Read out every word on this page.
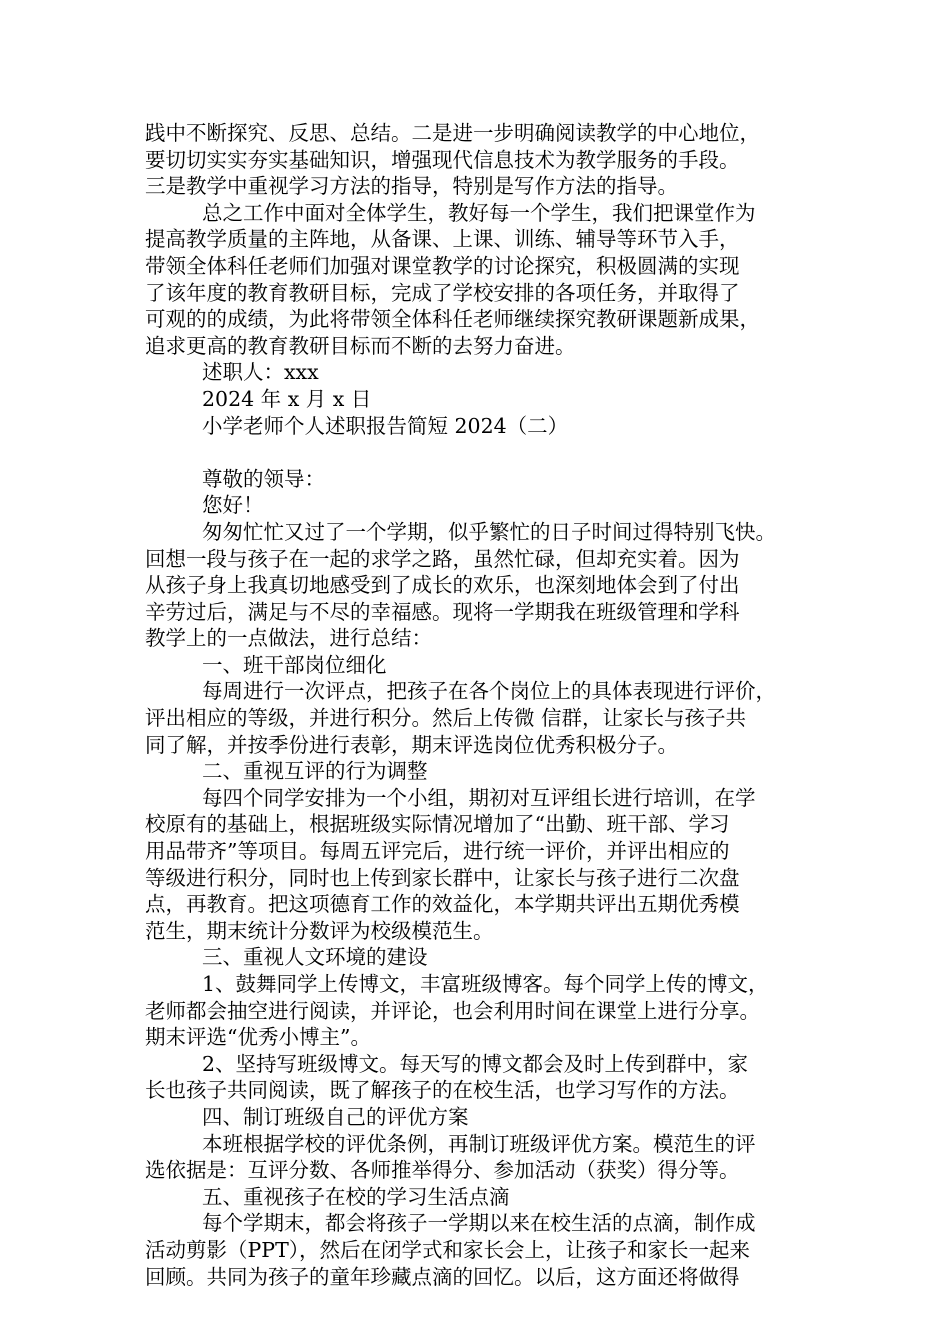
践中不断探究、反思、总结。二是进一步明确阅读教学的中心地位，
要切切实实夯实基础知识，增强现代信息技术为教学服务的手段。
三是教学中重视学习方法的指导，特别是写作方法的指导。
总之工作中面对全体学生，教好每一个学生，我们把课堂作为
提高教学质量的主阵地，从备课、上课、训练、辅导等环节入手，
带领全体科任老师们加强对课堂教学的讨论探究，积极圆满的实现
了该年度的教育教研目标，完成了学校安排的各项任务，并取得了
可观的的成绩，为此将带领全体科任老师继续探究教研课题新成果，
追求更高的教育教研目标而不断的去努力奋进。
述职人：xxx
2024 年 x 月 x 日
小学老师个人述职报告简短 2024（二）
尊敬的领导：
您好！
匆匆忙忙又过了一个学期，似乎繁忙的日子时间过得特别飞快。
回想一段与孩子在一起的求学之路，虽然忙碌，但却充实着。因为
从孩子身上我真切地感受到了成长的欢乐，也深刻地体会到了付出
辛劳过后，满足与不尽的幸福感。现将一学期我在班级管理和学科
教学上的一点做法，进行总结：
一、班干部岗位细化
每周进行一次评点，把孩子在各个岗位上的具体表现进行评价，
评出相应的等级，并进行积分。然后上传微 信群，让家长与孩子共
同了解，并按季份进行表彰，期末评选岗位优秀积极分子。
二、重视互评的行为调整
每四个同学安排为一个小组，期初对互评组长进行培训，在学
校原有的基础上，根据班级实际情况增加了“出勤、班干部、学习
用品带齐”等项目。每周五评完后，进行统一评价，并评出相应的
等级进行积分，同时也上传到家长群中，让家长与孩子进行二次盘
点，再教育。把这项德育工作的效益化，本学期共评出五期优秀模
范生，期末统计分数评为校级模范生。
三、重视人文环境的建设
1、鼓舞同学上传博文，丰富班级博客。每个同学上传的博文，
老师都会抽空进行阅读，并评论，也会利用时间在课堂上进行分享。
期末评选“优秀小博主”。
2、坚持写班级博文。每天写的博文都会及时上传到群中，家
长也孩子共同阅读，既了解孩子的在校生活，也学习写作的方法。
四、制订班级自己的评优方案
本班根据学校的评优条例，再制订班级评优方案。模范生的评
选依据是：互评分数、各师推举得分、参加活动（获奖）得分等。
五、重视孩子在校的学习生活点滴
每个学期末，都会将孩子一学期以来在校生活的点滴，制作成
活动剪影（PPT），然后在闭学式和家长会上，让孩子和家长一起来
回顾。共同为孩子的童年珍藏点滴的回忆。以后，这方面还将做得
